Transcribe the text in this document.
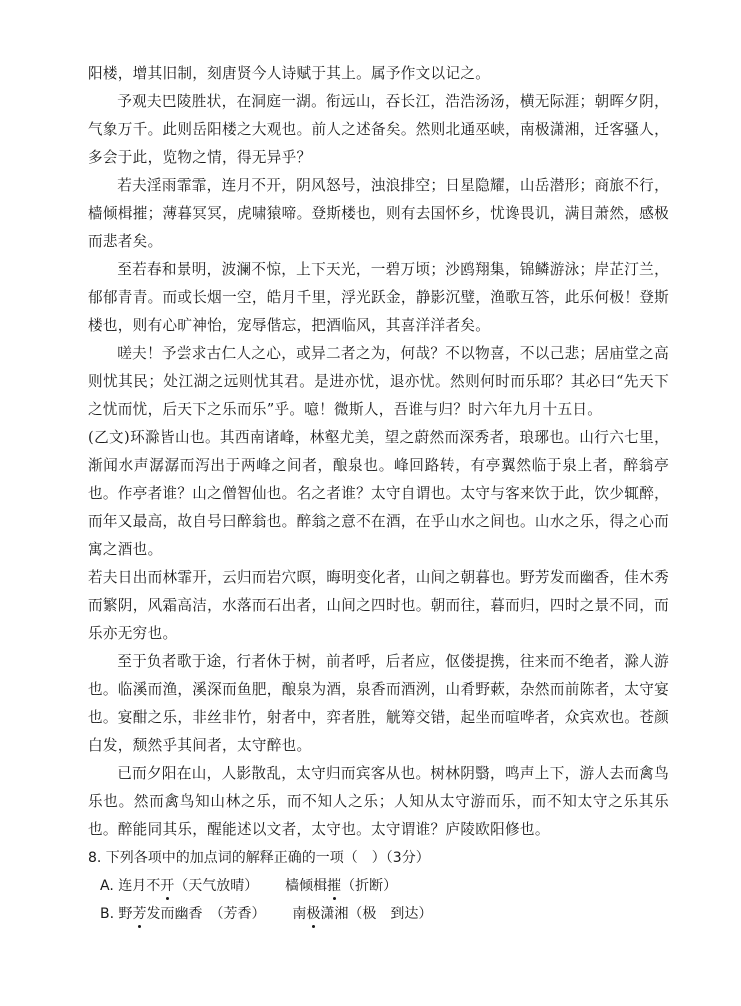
阳楼，增其旧制，刻唐贤今人诗赋于其上。属予作文以记之。

予观夫巴陵胜状，在洞庭一湖。衔远山，吞长江，浩浩汤汤，横无际涯；朝晖夕阴，气象万千。此则岳阳楼之大观也。前人之述备矣。然则北通巫峡，南极潇湘，迁客骚人，多会于此，览物之情，得无异乎？

若夫淫雨霏霏，连月不开，阴风怒号，浊浪排空；日星隐耀，山岳潜形；商旅不行，樯倾楫摧；薄暮冥冥，虎啸猿啼。登斯楼也，则有去国怀乡，忧谗畏讥，满目萧然，感极而悲者矣。

至若春和景明，波澜不惊，上下天光，一碧万顷；沙鸥翔集，锦鳞游泳；岸芷汀兰，郁郁青青。而或长烟一空，皓月千里，浮光跃金，静影沉璧，渔歌互答，此乐何极！登斯楼也，则有心旷神怡，宠辱偕忘，把酒临风，其喜洋洋者矣。

嗟夫！予尝求古仁人之心，或异二者之为，何哉？不以物喜，不以己悲；居庙堂之高则忧其民；处江湖之远则忧其君。是进亦忧，退亦忧。然则何时而乐耶？其必曰“先天下之忧而忧，后天下之乐而乐”乎。噫！微斯人，吾谁与归？时六年九月十五日。

(乙文)环滁皆山也。其西南诸峰，林壑尤美，望之蔚然而深秀者，琅琊也。山行六七里，渐闻水声潺潺而泻出于两峰之间者，酿泉也。峰回路转，有亭翼然临于泉上者，醉翁亭也。作亭者谁？山之僧智仙也。名之者谁？太守自谓也。太守与客来饮于此，饮少辄醉，而年又最高，故自号曰醉翁也。醉翁之意不在酒，在乎山水之间也。山水之乐，得之心而寓之酒也。

若夫日出而林霏开，云归而岩穴暝，晦明变化者，山间之朝暮也。野芳发而幽香，佳木秀而繁阴，风霜高洁，水落而石出者，山间之四时也。朝而往，暮而归，四时之景不同，而乐亦无穷也。

至于负者歌于途，行者休于树，前者呼，后者应，伛偻提携，往来而不绝者，滁人游也。临溪而渔，溪深而鱼肥，酿泉为酒，泉香而酒洌，山肴野蔌，杂然而前陈者，太守宴也。宴酣之乐，非丝非竹，射者中，弈者胜，觥筹交错，起坐而喧哗者，众宾欢也。苍颜白发，颓然乎其间者，太守醉也。

已而夕阳在山，人影散乱，太守归而宾客从也。树林阴翳，鸣声上下，游人去而禽鸟乐也。然而禽鸟知山林之乐，而不知人之乐；人知从太守游而乐，而不知太守之乐其乐也。醉能同其乐，醒能述以文者，太守也。太守谓谁？庐陵欧阳修也。

8. 下列各项中的加点词的解释正确的一项（　）（3分）

A. 连月不开（天气放晴） 樯倾楫摧（折断）

B. 野芳发而幽香　（芳香） 南极潇湘（极　到达）
